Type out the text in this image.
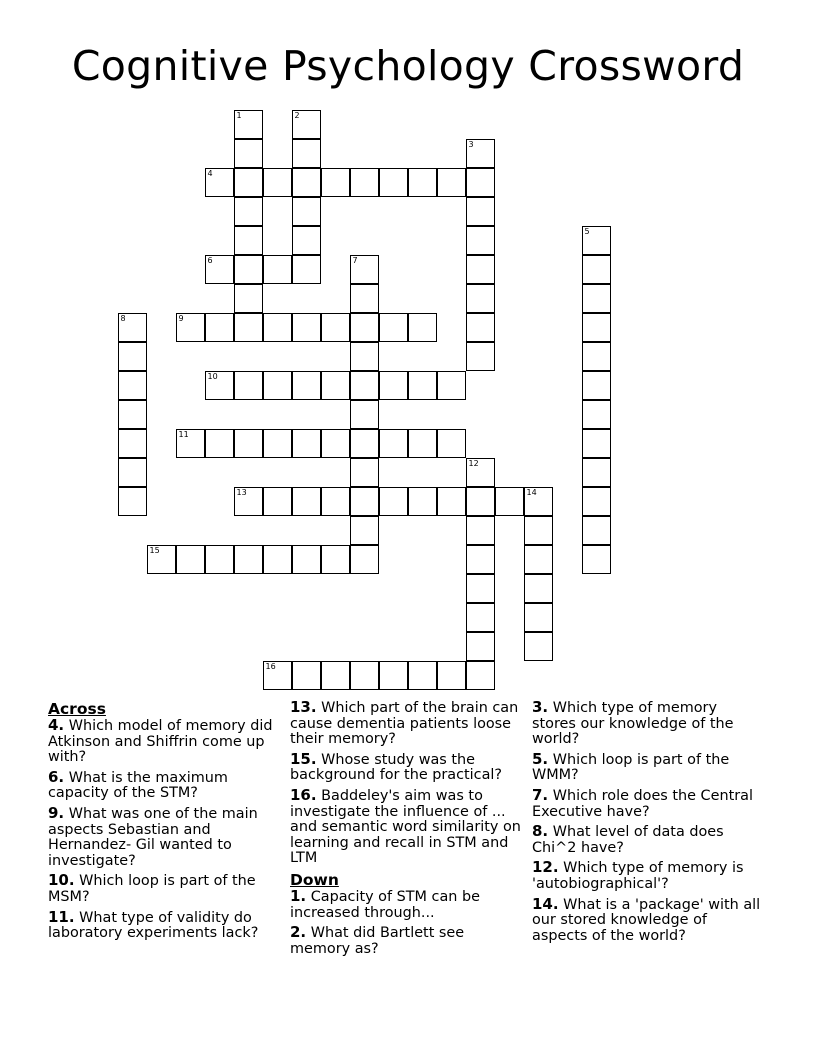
Cognitive Psychology Crossword
1	2
3
4
5
6	7
8	9
10
11
12
13	14
15
16
Across
4. Which model of memory did Atkinson and Shiffrin come up with?
6. What is the maximum capacity of the STM?
9. What was one of the main aspects Sebastian and Hernandez- Gil wanted to investigate?
10. Which loop is part of the MSM?
11. What type of validity do laboratory experiments lack?
13. Which part of the brain can cause dementia patients loose their memory?
15. Whose study was the background for the practical?
16. Baddeley's aim was to investigate the influence of ... and semantic word similarity on learning and recall in STM and LTM
Down
1. Capacity of STM can be increased through...
2. What did Bartlett see memory as?
3. Which type of memory stores our knowledge of the world?
5. Which loop is part of the WMM?
7. Which role does the Central Executive have?
8. What level of data does Chi^2 have?
12. Which type of memory is 'autobiographical'?
14. What is a 'package' with all our stored knowledge of aspects of the world?
